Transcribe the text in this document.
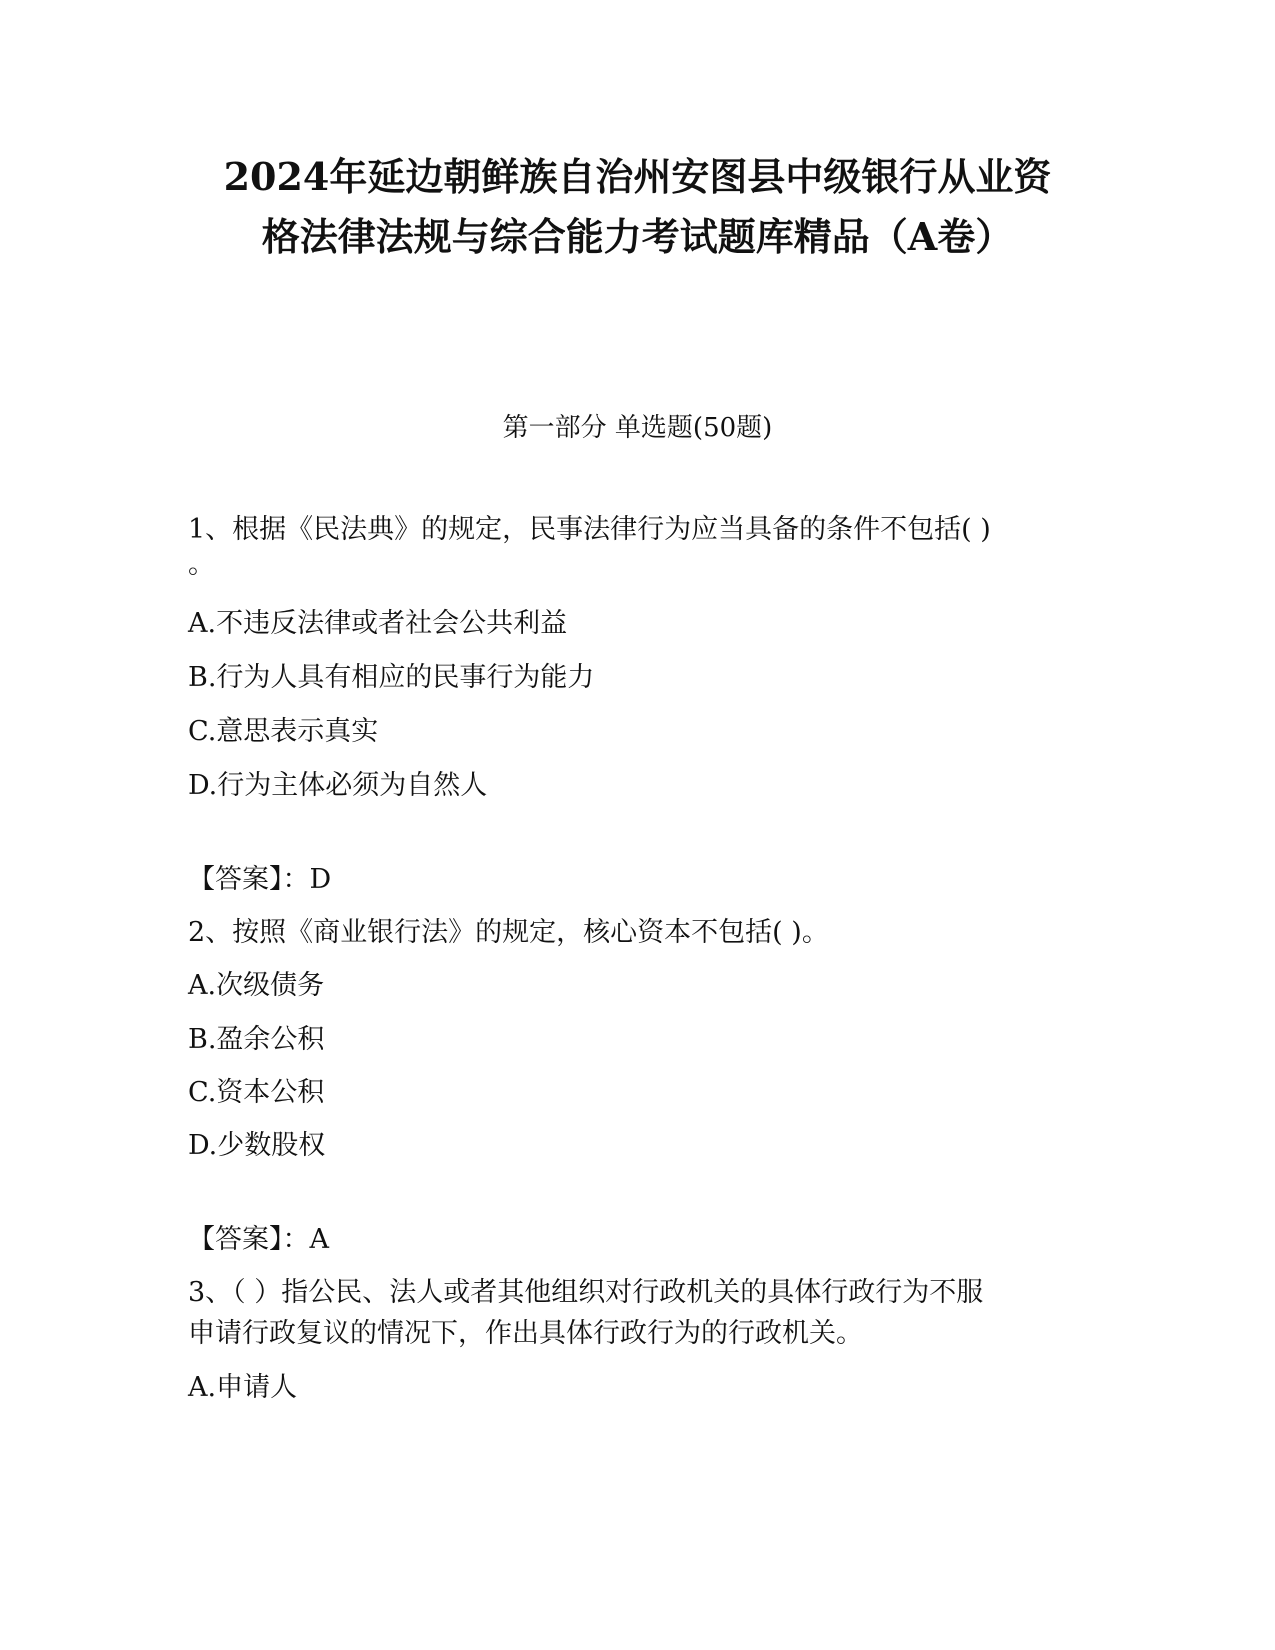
2024年延边朝鲜族自治州安图县中级银行从业资
格法律法规与综合能力考试题库精品（A卷）
第一部分 单选题(50题)
1、根据《民法典》的规定，民事法律行为应当具备的条件不包括( )
。
A.不违反法律或者社会公共利益
B.行为人具有相应的民事行为能力
C.意思表示真实
D.行为主体必须为自然人
【答案】：D
2、按照《商业银行法》的规定，核心资本不包括( )。
A.次级债务
B.盈余公积
C.资本公积
D.少数股权
【答案】：A
3、（ ）指公民、法人或者其他组织对行政机关的具体行政行为不服
申请行政复议的情况下，作出具体行政行为的行政机关。
A.申请人
